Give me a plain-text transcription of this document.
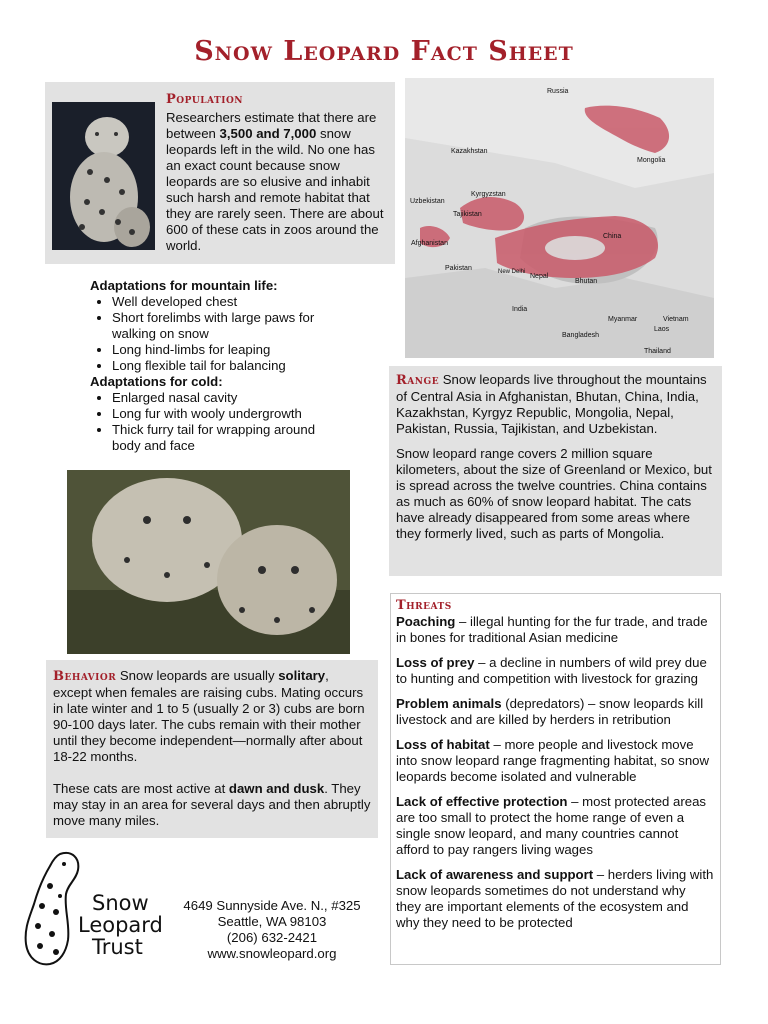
Snow Leopard Fact Sheet
Population
Researchers estimate that there are between 3,500 and 7,000 snow leopards left in the wild. No one has an exact count because snow leopards are so elusive and inhabit such harsh and remote habitat that they are rarely seen. There are about 600 of these cats in zoos around the world.
Russia
Kazakhstan
Mongolia
Kyrgyzstan
Uzbekistan
Tajikistan
China
Afghanistan
Pakistan	New Delhi
Nepal
Bhutan
India
Bangladesh
Myanmar
Laos
Vietnam
Thailand
Adaptations for mountain life:
• Well developed chest
• Short forelimbs with large paws for walking on snow
• Long hind-limbs for leaping
• Long flexible tail for balancing
Adaptations for cold:
• Enlarged nasal cavity
• Long fur with wooly undergrowth
• Thick furry tail for wrapping around body and face

Range Snow leopards live throughout the mountains of Central Asia in Afghanistan, Bhutan, China, India, Kazakhstan, Kyrgyz Republic, Mongolia, Nepal, Pakistan, Russia, Tajikistan, and Uzbekistan.

Snow leopard range covers 2 million square kilometers, about the size of Greenland or Mexico, but is spread across the twelve countries. China contains as much as 60% of snow leopard habitat. The cats have already disappeared from some areas where they formerly lived, such as parts of Mongolia.

Behavior Snow leopards are usually solitary, except when females are raising cubs. Mating occurs in late winter and 1 to 5 (usually 2 or 3) cubs are born 90-100 days later. The cubs remain with their mother until they become independent—normally after about 18-22 months.

These cats are most active at dawn and dusk. They may stay in an area for several days and then abruptly move many miles.

Threats

Poaching – illegal hunting for the fur trade, and trade in bones for traditional Asian medicine

Loss of prey – a decline in numbers of wild prey due to hunting and competition with livestock for grazing

Problem animals (depredators) – snow leopards kill livestock and are killed by herders in retribution

Loss of habitat – more people and livestock move into snow leopard range fragmenting habitat, so snow leopards become isolated and vulnerable

Lack of effective protection – most protected areas are too small to protect the home range of even a single snow leopard, and many countries cannot afford to pay rangers living wages

Lack of awareness and support – herders living with snow leopards sometimes do not understand why they are important elements of the ecosystem and why they need to be protected

Snow
Leopard
Trust
4649 Sunnyside Ave. N., #325
Seattle, WA 98103
(206) 632-2421
www.snowleopard.org
